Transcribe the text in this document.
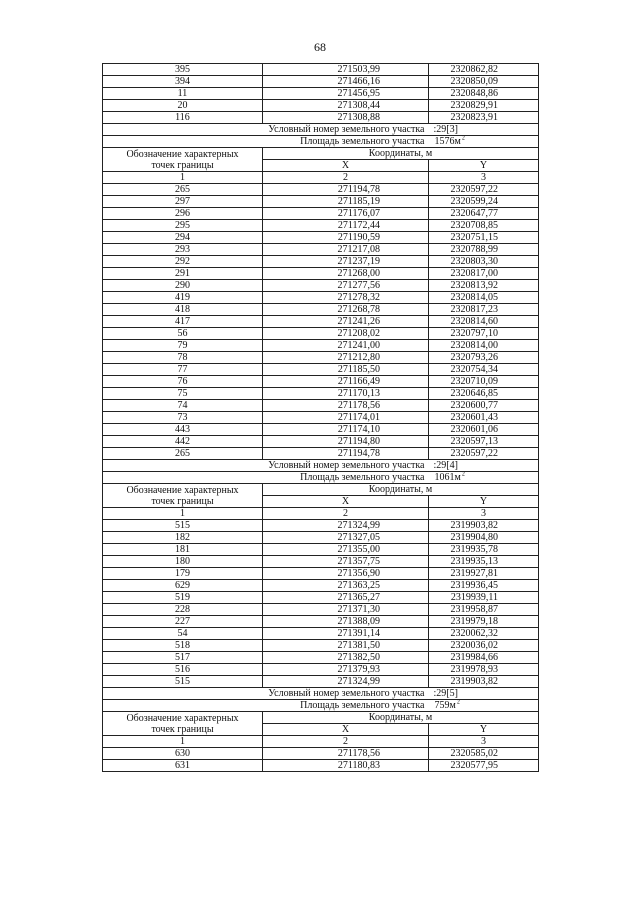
68
395	271503,99	2320862,82
394	271466,16	2320850,09
11	271456,95	2320848,86
20	271308,44	2320829,91
116	271308,88	2320823,91
Условный номер земельного участка		:29[3]
Площадь земельного участка		$1576м^2$
Обозначение характерных
точек границы	Координаты, м	
	X	Y
1	2	3
265	271194,78	2320597,22
297	271185,19	2320599,24
296	271176,07	2320647,77
295	271172,44	2320708,85
294	271190,59	2320751,15
293	271217,08	2320788,99
292	271237,19	2320803,30
291	271268,00	2320817,00
290	271277,56	2320813,92
419	271278,32	2320814,05
418	271268,78	2320817,23
417	271241,26	2320814,60
56	271208,02	2320797,10
79	271241,00	2320814,00
78	271212,80	2320793,26
77	271185,50	2320754,34
76	271166,49	2320710,09
75	271170,13	2320646,85
74	271178,56	2320600,77
73	271174,01	2320601,43
443	271174,10	2320601,06
442	271194,80	2320597,13
265	271194,78	2320597,22
Условный номер земельного участка		:29[4]
Площадь земельного участка		$1061м^2$
Обозначение характерных
точек границы	Координаты, м	
	X	Y
1	2	3
515	271324,99	2319903,82
182	271327,05	2319904,80
181	271355,00	2319935,78
180	271357,75	2319935,13
179	271356,90	2319927,81
629	271363,25	2319936,45
519	271365,27	2319939,11
228	271371,30	2319958,87
227	271388,09	2319979,18
54	271391,14	2320062,32
518	271381,50	2320036,02
517	271382,50	2319984,66
516	271379,93	2319978,93
515	271324,99	2319903,82
Условный номер земельного участка		:29[5]
Площадь земельного участка		$759м^2$
Обозначение характерных
точек границы	Координаты, м	
	X	Y
1	2	3
630	271178,56	2320585,02
631	271180,83	2320577,95
